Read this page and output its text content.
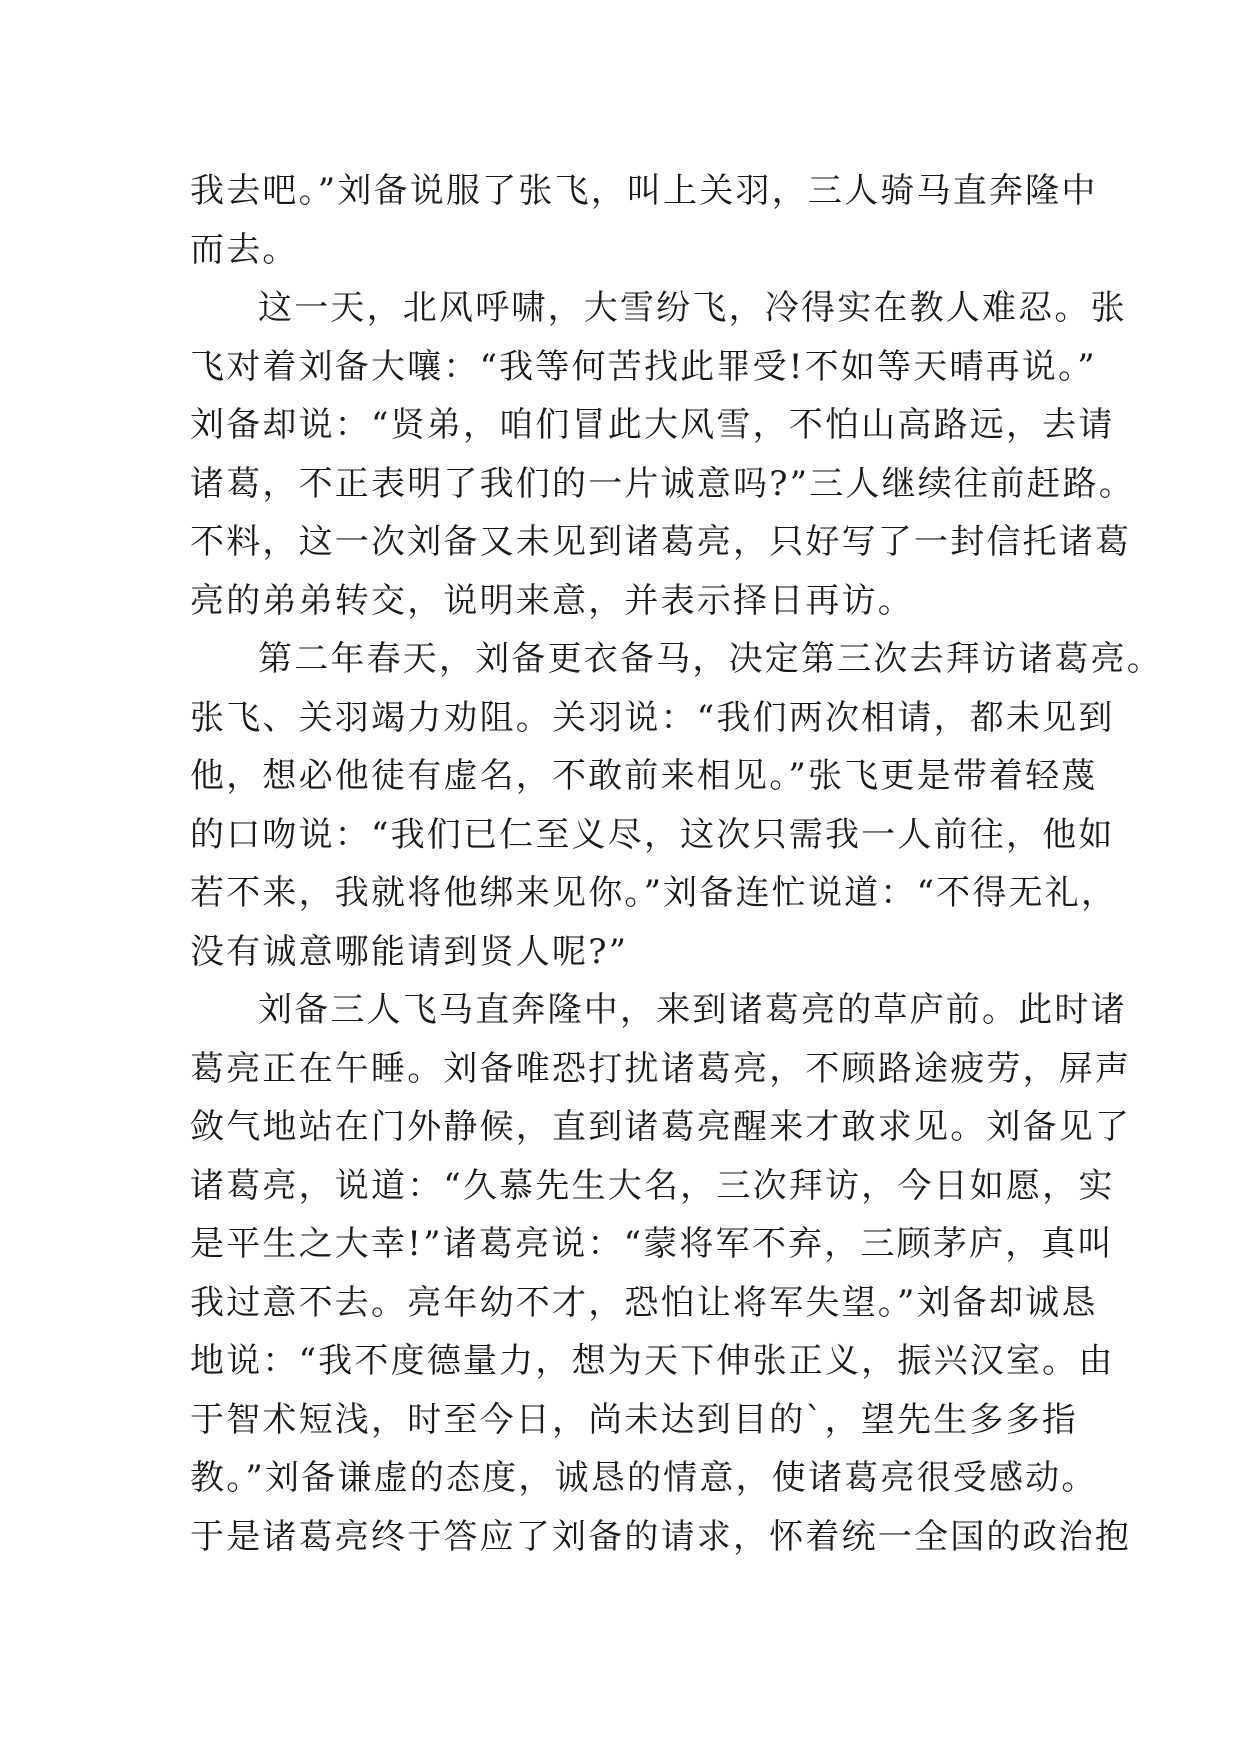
我去吧。”刘备说服了张飞，叫上关羽，三人骑马直奔隆中
而去。
这一天，北风呼啸，大雪纷飞，冷得实在教人难忍。张
飞对着刘备大嚷：“我等何苦找此罪受!不如等天晴再说。”
刘备却说：“贤弟，咱们冒此大风雪，不怕山高路远，去请
诸葛，不正表明了我们的一片诚意吗?”三人继续往前赶路。
不料，这一次刘备又未见到诸葛亮，只好写了一封信托诸葛
亮的弟弟转交，说明来意，并表示择日再访。
第二年春天，刘备更衣备马，决定第三次去拜访诸葛亮。
张飞、关羽竭力劝阻。关羽说：“我们两次相请，都未见到
他，想必他徒有虚名，不敢前来相见。”张飞更是带着轻蔑
的口吻说：“我们已仁至义尽，这次只需我一人前往，他如
若不来，我就将他绑来见你。”刘备连忙说道：“不得无礼，
没有诚意哪能请到贤人呢?”
刘备三人飞马直奔隆中，来到诸葛亮的草庐前。此时诸
葛亮正在午睡。刘备唯恐打扰诸葛亮，不顾路途疲劳，屏声
敛气地站在门外静候，直到诸葛亮醒来才敢求见。刘备见了
诸葛亮，说道：“久慕先生大名，三次拜访，今日如愿，实
是平生之大幸!”诸葛亮说：“蒙将军不弃，三顾茅庐，真叫
我过意不去。亮年幼不才，恐怕让将军失望。”刘备却诚恳
地说：“我不度德量力，想为天下伸张正义，振兴汉室。由
于智术短浅，时至今日，尚未达到目的`，望先生多多指
教。”刘备谦虚的态度，诚恳的情意，使诸葛亮很受感动。
于是诸葛亮终于答应了刘备的请求，怀着统一全国的政治抱
